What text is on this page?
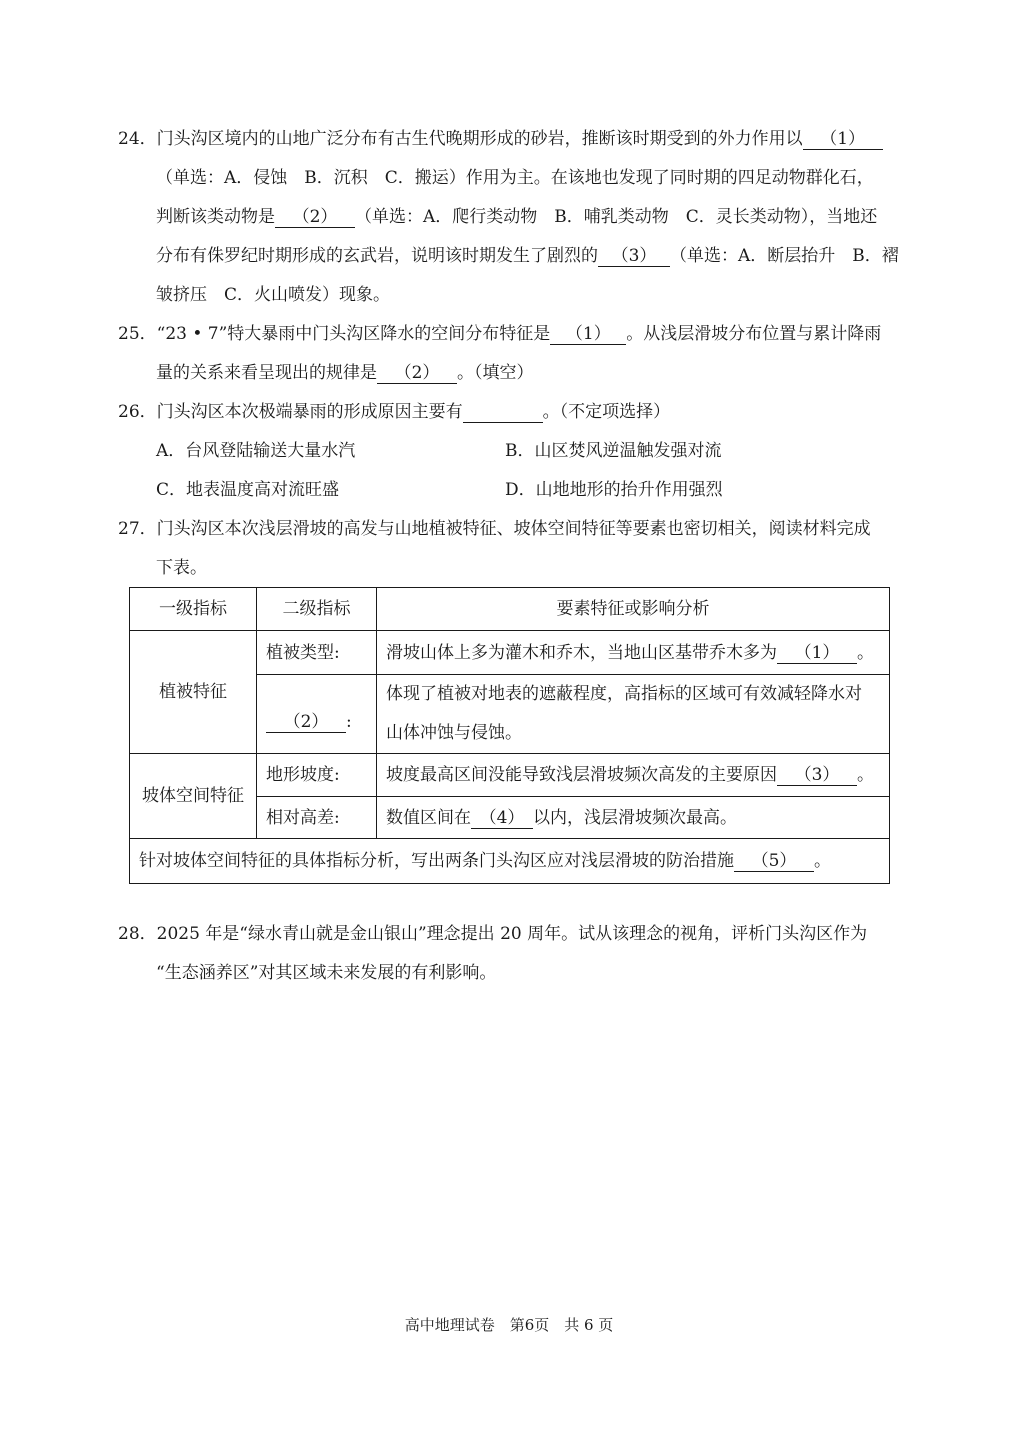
24．门头沟区境内的山地广泛分布有古生代晚期形成的砂岩，推断该时期受到的外力作用以 （1）
（单选：A．侵蚀　B．沉积　C．搬运）作用为主。在该地也发现了同时期的四足动物群化石，
判断该类动物是 （2） （单选：A．爬行类动物　B．哺乳类动物　C．灵长类动物），当地还
分布有侏罗纪时期形成的玄武岩，说明该时期发生了剧烈的 （3） （单选：A．断层抬升　B．褶
皱挤压　C．火山喷发）现象。
25．“23 • 7”特大暴雨中门头沟区降水的空间分布特征是 （1） 。从浅层滑坡分布位置与累计降雨
量的关系来看呈现出的规律是 （2） 。（填空）
26．门头沟区本次极端暴雨的形成原因主要有	。（不定项选择）
A．台风登陆输送大量水汽	B．山区焚风逆温触发强对流
C．地表温度高对流旺盛	D．山地地形的抬升作用强烈
27．门头沟区本次浅层滑坡的高发与山地植被特征、坡体空间特征等要素也密切相关，阅读材料完成
下表。
一级指标	二级指标	要素特征或影响分析
植被特征	植被类型:	滑坡山体上多为灌木和乔木，当地山区基带乔木多为 （1） 。
	（2） :	体现了植被对地表的遮蔽程度，高指标的区域可有效减轻降水对
山体冲蚀与侵蚀。

坡体空间特征	地形坡度:	坡度最高区间没能导致浅层滑坡频次高发的主要原因 （3） 。
	相对高差:	数值区间在 （4） 以内，浅层滑坡频次最高。
针对坡体空间特征的具体指标分析，写出两条门头沟区应对浅层滑坡的防治措施 （5） 。		
28．2025 年是“绿水青山就是金山银山”理念提出 20 周年。试从该理念的视角，评析门头沟区作为
“生态涵养区”对其区域未来发展的有利影响。
高中地理试卷　第6页　共 6 页
